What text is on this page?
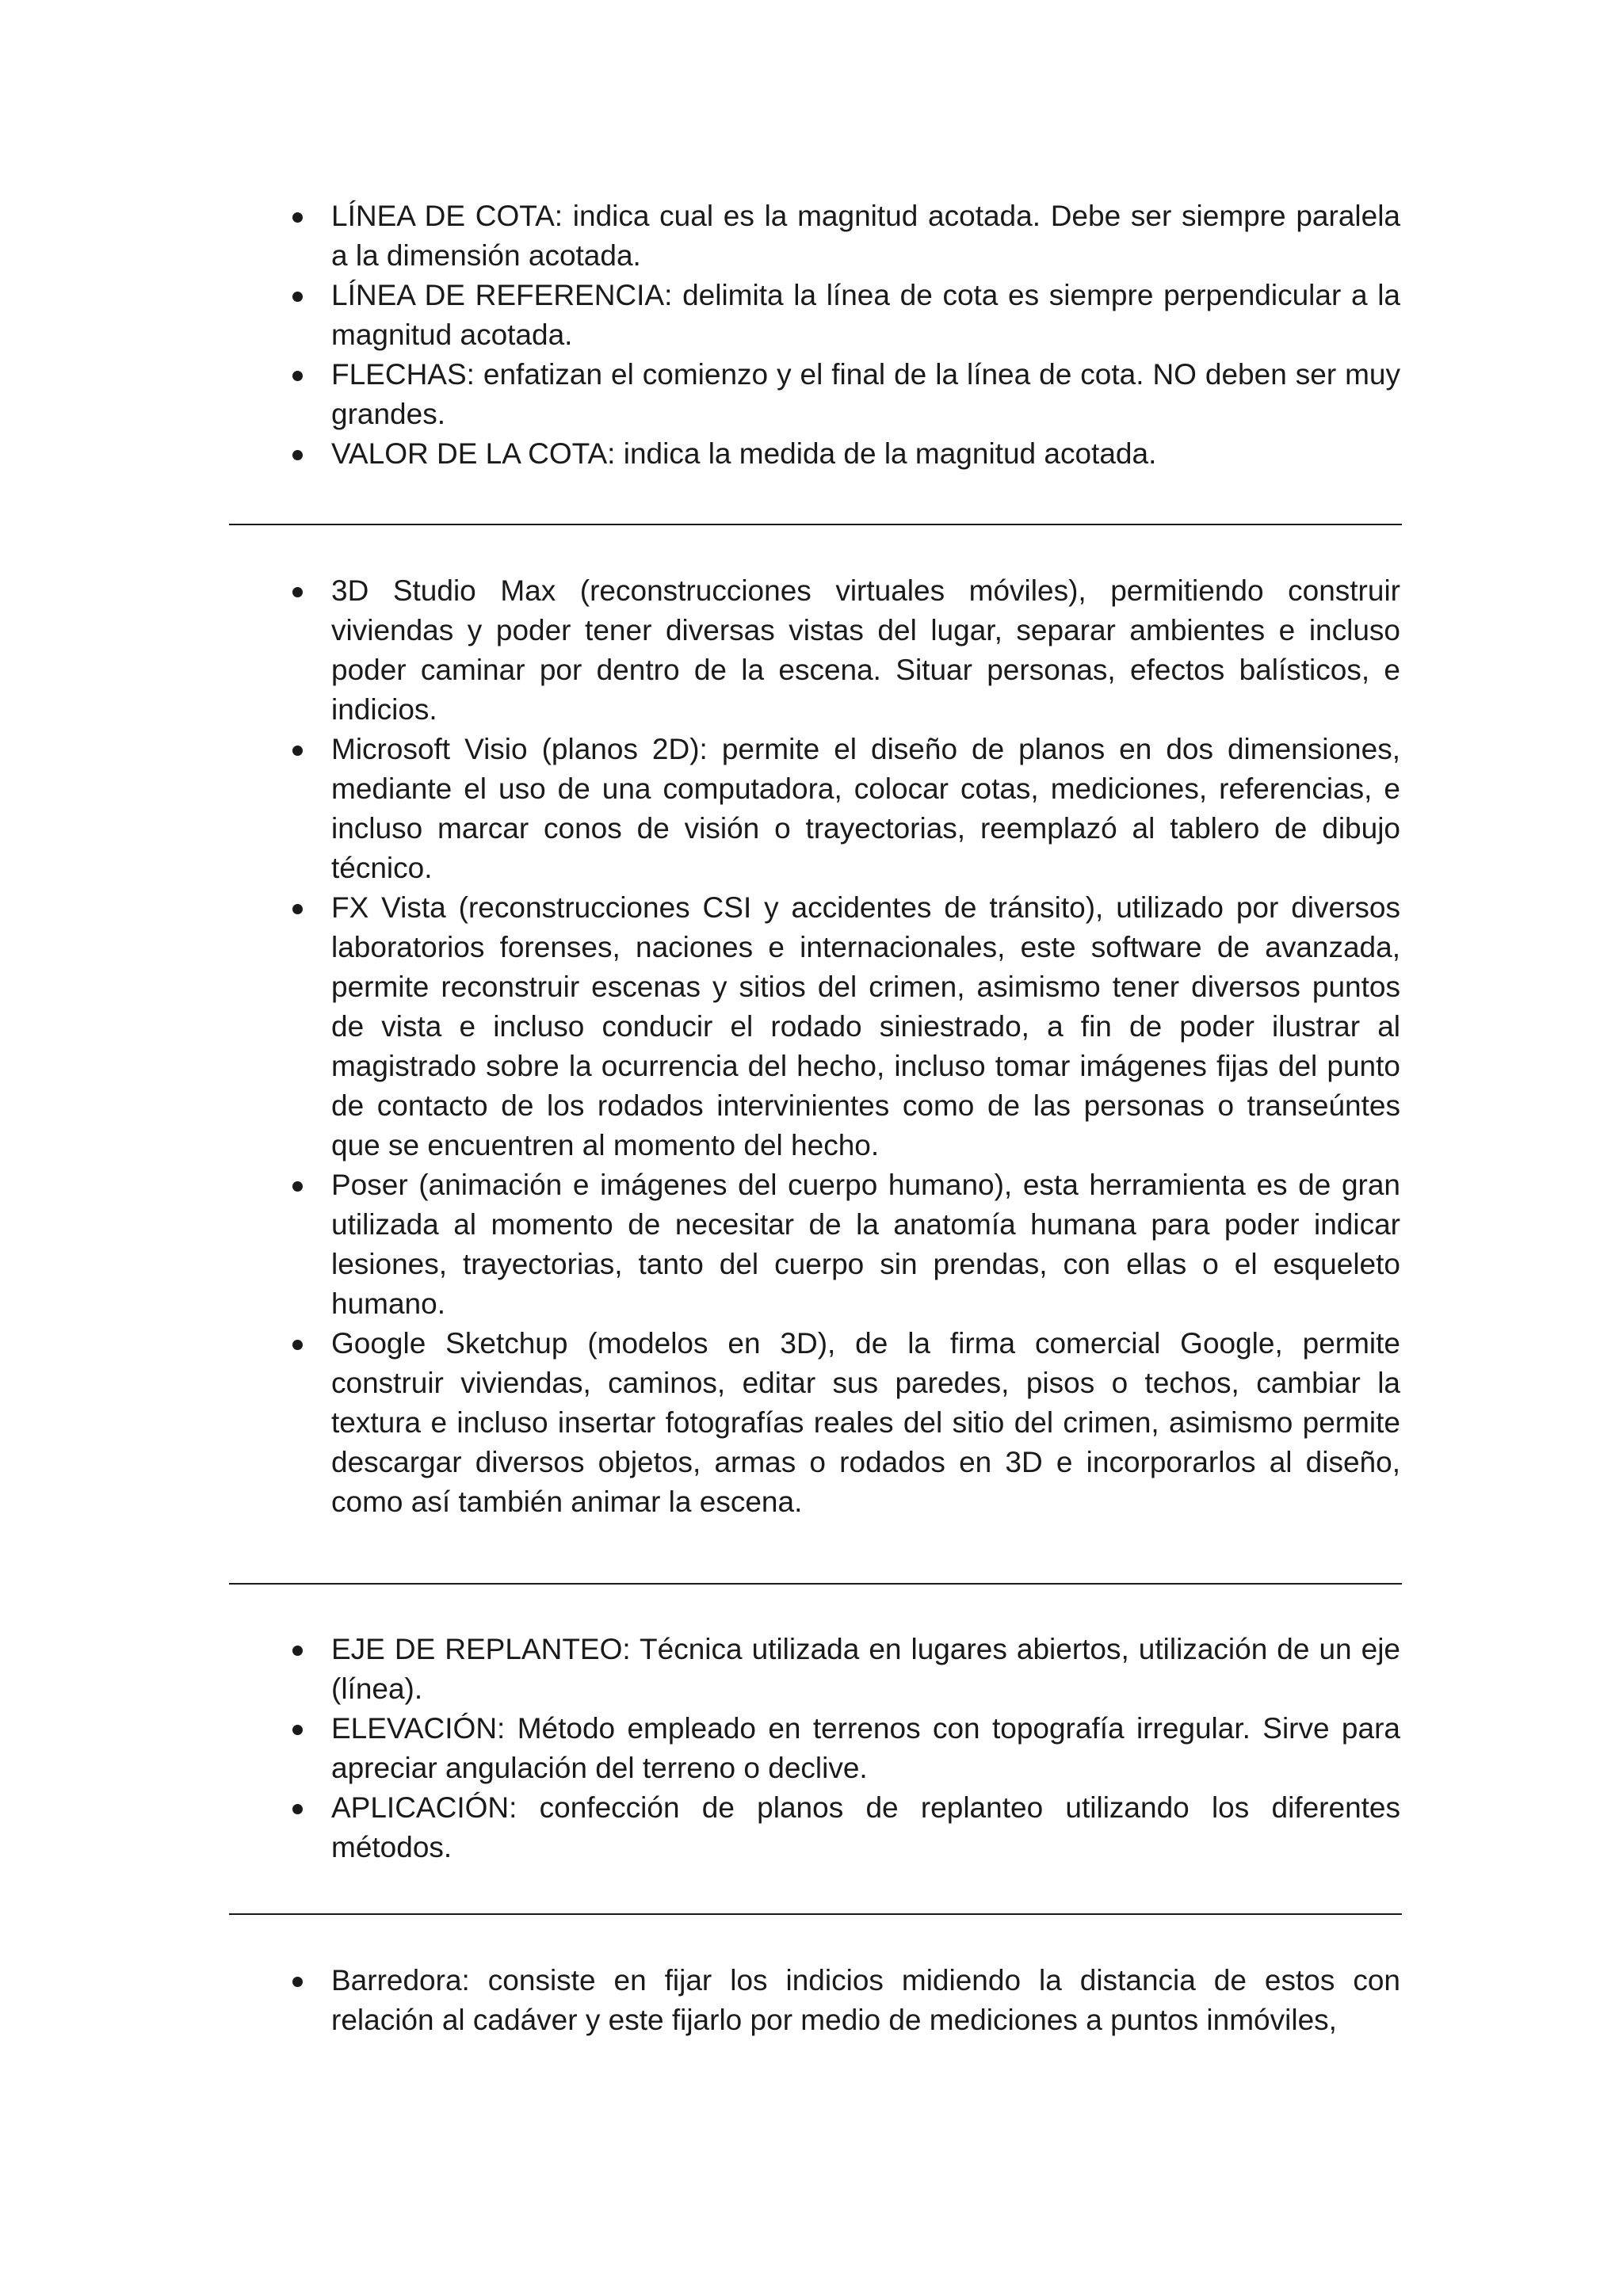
LÍNEA DE COTA: indica cual es la magnitud acotada. Debe ser siempre paralela a la dimensión acotada.
LÍNEA DE REFERENCIA: delimita la línea de cota es siempre perpendicular a la magnitud acotada.
FLECHAS: enfatizan el comienzo y el final de la línea de cota. NO deben ser muy grandes.
VALOR DE LA COTA: indica la medida de la magnitud acotada.
3D Studio Max (reconstrucciones virtuales móviles), permitiendo construir viviendas y poder tener diversas vistas del lugar, separar ambientes e incluso poder caminar por dentro de la escena. Situar personas, efectos balísticos, e indicios.
Microsoft Visio (planos 2D): permite el diseño de planos en dos dimensiones, mediante el uso de una computadora, colocar cotas, mediciones, referencias, e incluso marcar conos de visión o trayectorias, reemplazó al tablero de dibujo técnico.
FX Vista (reconstrucciones CSI y accidentes de tránsito), utilizado por diversos laboratorios forenses, naciones e internacionales, este software de avanzada, permite reconstruir escenas y sitios del crimen, asimismo tener diversos puntos de vista e incluso conducir el rodado siniestrado, a fin de poder ilustrar al magistrado sobre la ocurrencia del hecho, incluso tomar imágenes fijas del punto de contacto de los rodados intervinientes como de las personas o transeúntes que se encuentren al momento del hecho.
Poser (animación e imágenes del cuerpo humano), esta herramienta es de gran utilizada al momento de necesitar de la anatomía humana para poder indicar lesiones, trayectorias, tanto del cuerpo sin prendas, con ellas o el esqueleto humano.
Google Sketchup (modelos en 3D), de la firma comercial Google, permite construir viviendas, caminos, editar sus paredes, pisos o techos, cambiar la textura e incluso insertar fotografías reales del sitio del crimen, asimismo permite descargar diversos objetos, armas o rodados en 3D e incorporarlos al diseño, como así también animar la escena.
EJE DE REPLANTEO: Técnica utilizada en lugares abiertos, utilización de un eje (línea).
ELEVACIÓN: Método empleado en terrenos con topografía irregular. Sirve para apreciar angulación del terreno o declive.
APLICACIÓN: confección de planos de replanteo utilizando los diferentes métodos.
Barredora: consiste en fijar los indicios midiendo la distancia de estos con relación al cadáver y este fijarlo por medio de mediciones a puntos inmóviles,
